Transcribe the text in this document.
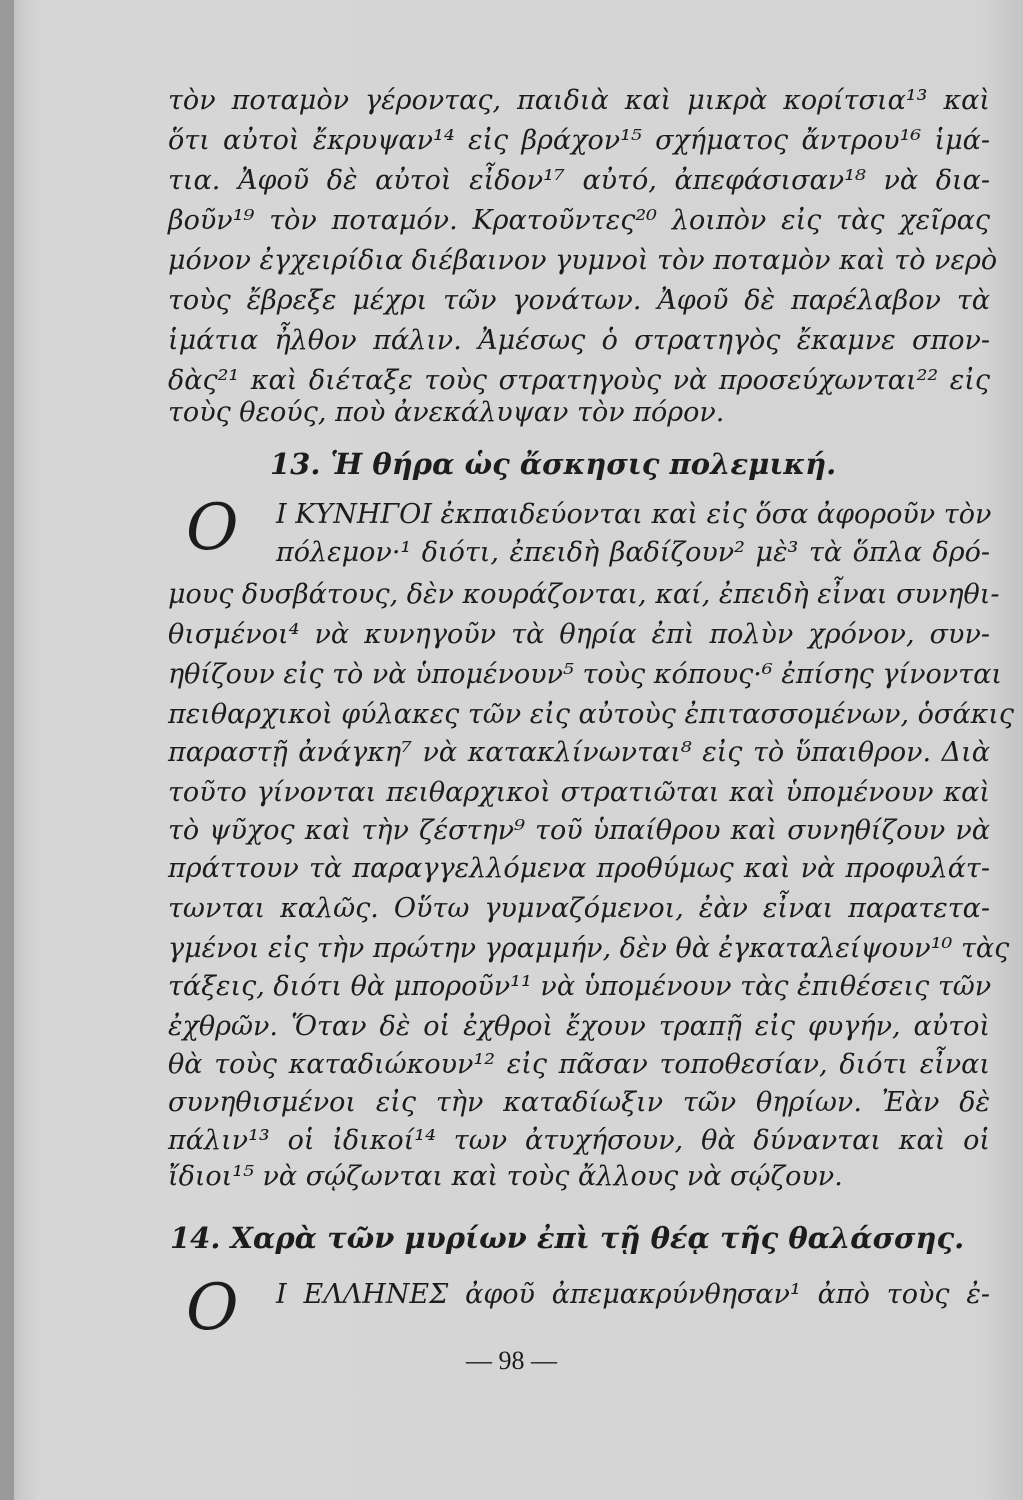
τὸν ποταμὸν γέροντας, παιδιὰ καὶ μικρὰ κορίτσια¹³ καὶ
ὅτι αὐτοὶ ἔκρυψαν¹⁴ εἰς βράχον¹⁵ σχήματος ἄντρου¹⁶ ἱμά-
τια. Ἀφοῦ δὲ αὐτοὶ εἶδον¹⁷ αὐτό, ἀπεφάσισαν¹⁸ νὰ δια-
βοῦν¹⁹ τὸν ποταμόν. Κρατοῦντες²⁰ λοιπὸν εἰς τὰς χεῖρας
μόνον ἐγχειρίδια διέβαινον γυμνοὶ τὸν ποταμὸν καὶ τὸ νερὸ
τοὺς ἔβρεξε μέχρι τῶν γονάτων. Ἀφοῦ δὲ παρέλαβον τὰ
ἱμάτια ἦλθον πάλιν. Ἀμέσως ὁ στρατηγὸς ἔκαμνε σπον-
δὰς²¹ καὶ διέταξε τοὺς στρατηγοὺς νὰ προσεύχωνται²² εἰς
τοὺς θεούς, ποὺ ἀνεκάλυψαν τὸν πόρον.
Ι ΚΥΝΗΓΟΙ ἐκπαιδεύονται καὶ εἰς ὅσα ἀφοροῦν τὸν
πόλεμον·¹ διότι, ἐπειδὴ βαδίζουν² μὲ³ τὰ ὅπλα δρό-
μους δυσβάτους, δὲν κουράζονται, καί, ἐπειδὴ εἶναι συνηθι-
θισμένοι⁴ νὰ κυνηγοῦν τὰ θηρία ἐπὶ πολὺν χρόνον, συν-
ηθίζουν εἰς τὸ νὰ ὑπομένουν⁵ τοὺς κόπους·⁶ ἐπίσης γίνονται
πειθαρχικοὶ φύλακες τῶν εἰς αὐτοὺς ἐπιτασσομένων, ὁσάκις
παραστῇ ἀνάγκη⁷ νὰ κατακλίνωνται⁸ εἰς τὸ ὕπαιθρον. Διὰ
τοῦτο γίνονται πειθαρχικοὶ στρατιῶται καὶ ὑπομένουν καὶ
τὸ ψῦχος καὶ τὴν ζέστην⁹ τοῦ ὑπαίθρου καὶ συνηθίζουν νὰ
πράττουν τὰ παραγγελλόμενα προθύμως καὶ νὰ προφυλάτ-
τωνται καλῶς. Οὕτω γυμναζόμενοι, ἐὰν εἶναι παρατετα-
γμένοι εἰς τὴν πρώτην γραμμήν, δὲν θὰ ἐγκαταλείψουν¹⁰ τὰς
τάξεις, διότι θὰ μποροῦν¹¹ νὰ ὑπομένουν τὰς ἐπιθέσεις τῶν
ἐχθρῶν. Ὅταν δὲ οἱ ἐχθροὶ ἔχουν τραπῇ εἰς φυγήν, αὐτοὶ
θὰ τοὺς καταδιώκουν¹² εἰς πᾶσαν τοποθεσίαν, διότι εἶναι
συνηθισμένοι εἰς τὴν καταδίωξιν τῶν θηρίων. Ἐὰν δὲ
πάλιν¹³ οἱ ἰδικοί¹⁴ των ἀτυχήσουν, θὰ δύνανται καὶ οἱ
ἴδιοι¹⁵ νὰ σῴζωνται καὶ τοὺς ἄλλους νὰ σῴζουν.
Ι ΕΛΛΗΝΕΣ ἀφοῦ ἀπεμακρύνθησαν¹ ἀπὸ τοὺς ἐ-
13. Ἡ θήρα ὡς ἄσκησις πολεμική.
14. Χαρὰ τῶν μυρίων ἐπὶ τῇ θέᾳ τῆς θαλάσσης.
O
O
— 98 —
